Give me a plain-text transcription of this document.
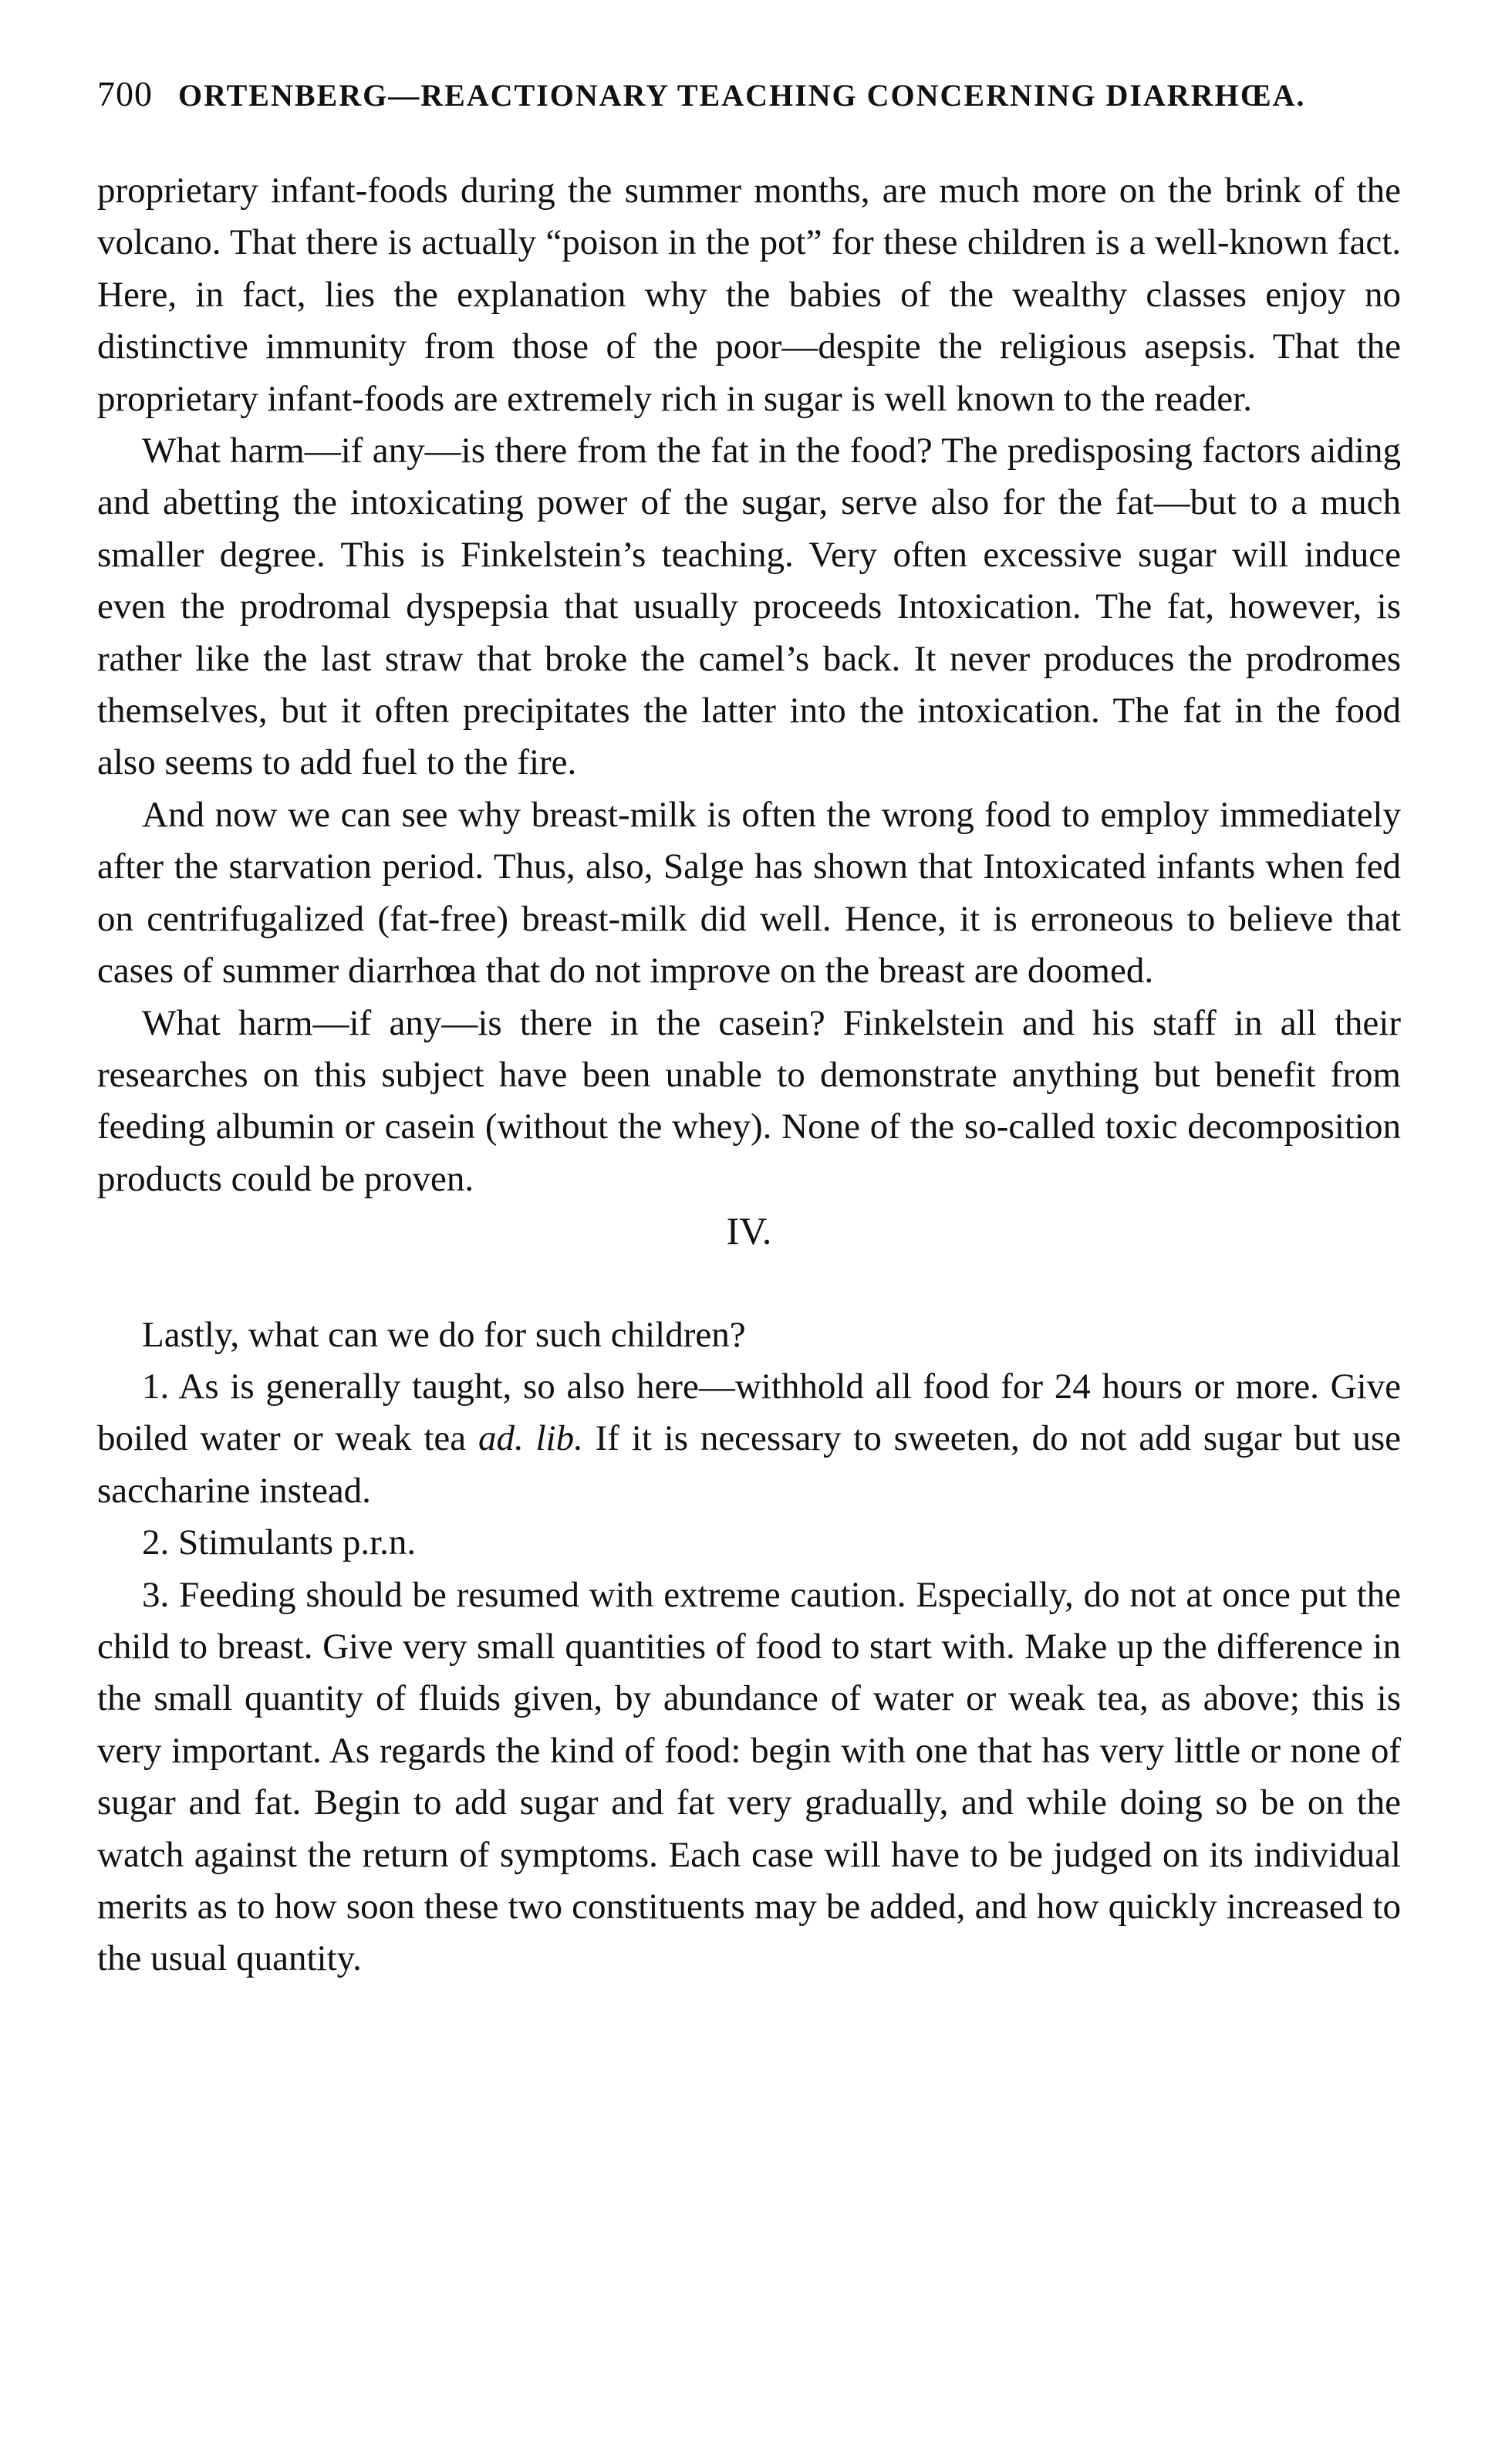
700 ORTENBERG—REACTIONARY TEACHING CONCERNING DIARRHŒA.

proprietary infant-foods during the summer months, are much more on the brink of the volcano. That there is actually “poison in the pot” for these children is a well-known fact. Here, in fact, lies the explanation why the babies of the wealthy classes enjoy no distinctive immunity from those of the poor—despite the religious asepsis. That the proprietary infant-foods are extremely rich in sugar is well known to the reader.

What harm—if any—is there from the fat in the food? The predisposing factors aiding and abetting the intoxicating power of the sugar, serve also for the fat—but to a much smaller degree. This is Finkelstein’s teaching. Very often excessive sugar will induce even the prodromal dyspepsia that usually proceeds Intoxication. The fat, however, is rather like the last straw that broke the camel’s back. It never produces the prodromes themselves, but it often precipitates the latter into the intoxication. The fat in the food also seems to add fuel to the fire.

And now we can see why breast-milk is often the wrong food to employ immediately after the starvation period. Thus, also, Salge has shown that Intoxicated infants when fed on centrifugalized (fat-free) breast-milk did well. Hence, it is erroneous to believe that cases of summer diarrhœa that do not improve on the breast are doomed.

What harm—if any—is there in the casein? Finkelstein and his staff in all their researches on this subject have been unable to demonstrate anything but benefit from feeding albumin or casein (without the whey). None of the so-called toxic decomposition products could be proven.

IV.

Lastly, what can we do for such children?

1. As is generally taught, so also here—withhold all food for 24 hours or more. Give boiled water or weak tea ad. lib. If it is necessary to sweeten, do not add sugar but use saccharine instead.

2. Stimulants p.r.n.

3. Feeding should be resumed with extreme caution. Especially, do not at once put the child to breast. Give very small quantities of food to start with. Make up the difference in the small quantity of fluids given, by abundance of water or weak tea, as above; this is very important. As regards the kind of food: begin with one that has very little or none of sugar and fat. Begin to add sugar and fat very gradually, and while doing so be on the watch against the return of symptoms. Each case will have to be judged on its individual merits as to how soon these two constituents may be added, and how quickly increased to the usual quantity.
